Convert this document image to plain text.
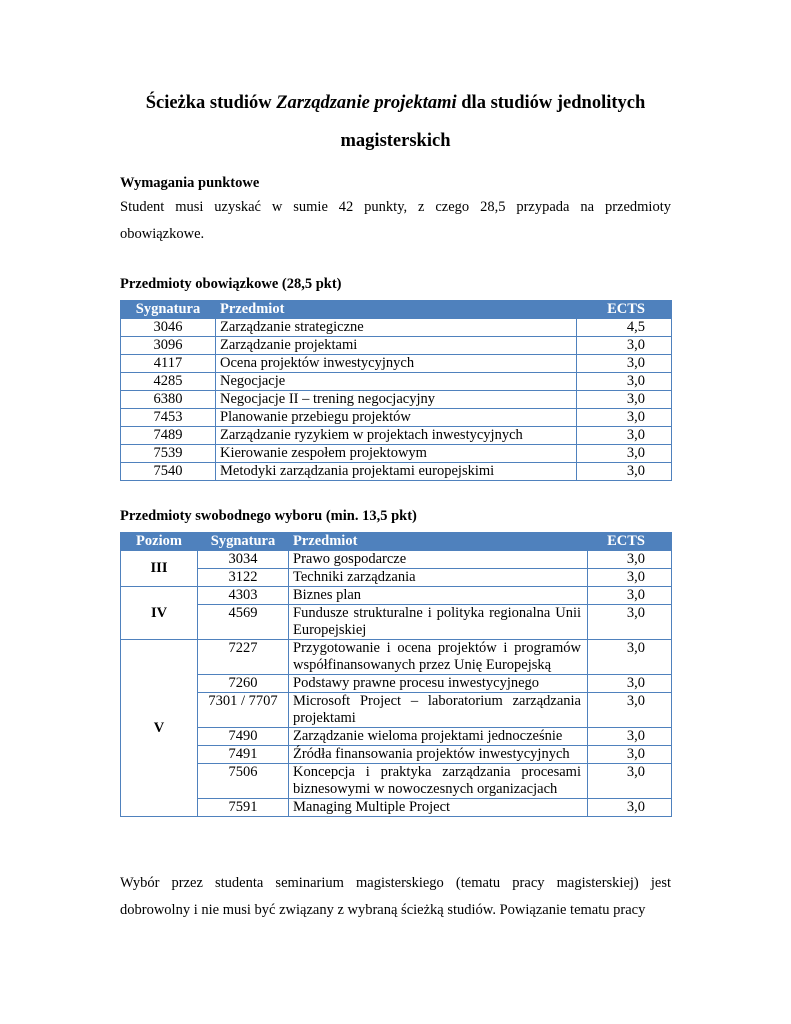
Ścieżka studiów Zarządzanie projektami dla studiów jednolitych
magisterskich
Wymagania punktowe
Student musi uzyskać w sumie 42 punkty, z czego 28,5 przypada na przedmioty obowiązkowe.
Przedmioty obowiązkowe (28,5 pkt)
Sygnatura	Przedmiot	ECTS
3046	Zarządzanie strategiczne	4,5
3096	Zarządzanie projektami	3,0
4117	Ocena projektów inwestycyjnych	3,0
4285	Negocjacje	3,0
6380	Negocjacje II – trening negocjacyjny	3,0
7453	Planowanie przebiegu projektów	3,0
7489	Zarządzanie ryzykiem w projektach inwestycyjnych	3,0
7539	Kierowanie zespołem projektowym	3,0
7540	Metodyki zarządzania projektami europejskimi	3,0
Przedmioty swobodnego wyboru (min. 13,5 pkt)
Poziom	Sygnatura	Przedmiot	ECTS
III	3034	Prawo gospodarcze	3,0
	3122	Techniki zarządzania	3,0
IV	4303	Biznes plan	3,0
	4569	Fundusze strukturalne i polityka regionalna Unii Europejskiej	3,0
V	7227	Przygotowanie i ocena projektów i programów współfinansowanych przez Unię Europejską	3,0
	7260	Podstawy prawne procesu inwestycyjnego	3,0
	7301 / 7707	Microsoft Project – laboratorium zarządzania projektami	3,0
	7490	Zarządzanie wieloma projektami jednocześnie	3,0
	7491	Źródła finansowania projektów inwestycyjnych	3,0
	7506	Koncepcja i praktyka zarządzania procesami biznesowymi w nowoczesnych organizacjach	3,0
	7591	Managing Multiple Project	3,0
Wybór przez studenta seminarium magisterskiego (tematu pracy magisterskiej) jest dobrowolny i nie musi być związany z wybraną ścieżką studiów. Powiązanie tematu pracy
